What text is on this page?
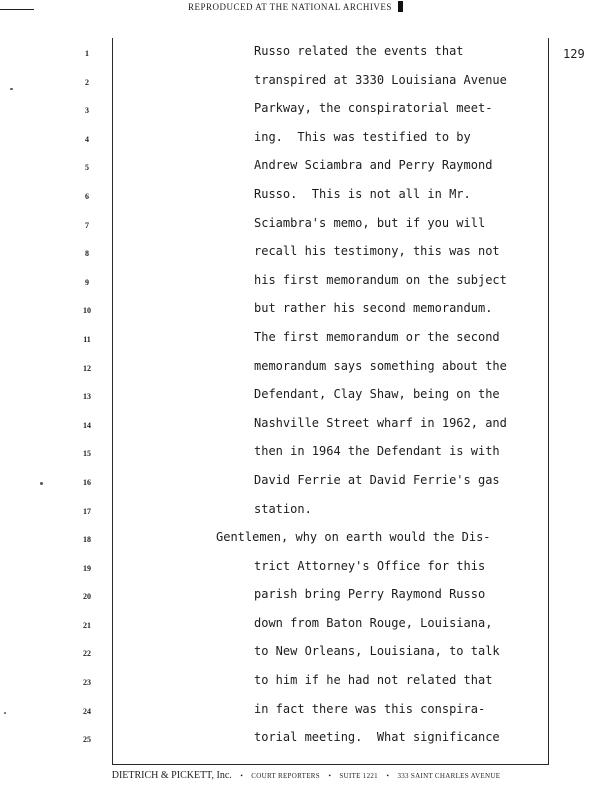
REPRODUCED AT THE NATIONAL ARCHIVES
129
1	Russo related the events that
2	transpired at 3330 Louisiana Avenue
3	Parkway, the conspiratorial meet-
4	ing.  This was testified to by
5	Andrew Sciambra and Perry Raymond
6	Russo.  This is not all in Mr.
7	Sciambra's memo, but if you will
8	recall his testimony, this was not
9	his first memorandum on the subject
10	but rather his second memorandum.
11	The first memorandum or the second
12	memorandum says something about the
13	Defendant, Clay Shaw, being on the
14	Nashville Street wharf in 1962, and
15	then in 1964 the Defendant is with
16	David Ferrie at David Ferrie's gas
17	station.
18	Gentlemen, why on earth would the Dis-
19	trict Attorney's Office for this
20	parish bring Perry Raymond Russo
21	down from Baton Rouge, Louisiana,
22	to New Orleans, Louisiana, to talk
23	to him if he had not related that
24	in fact there was this conspira-
25	torial meeting.  What significance
DIETRICH & PICKETT, Inc. • COURT REPORTERS • SUITE 1221 • 333 SAINT CHARLES AVENUE
